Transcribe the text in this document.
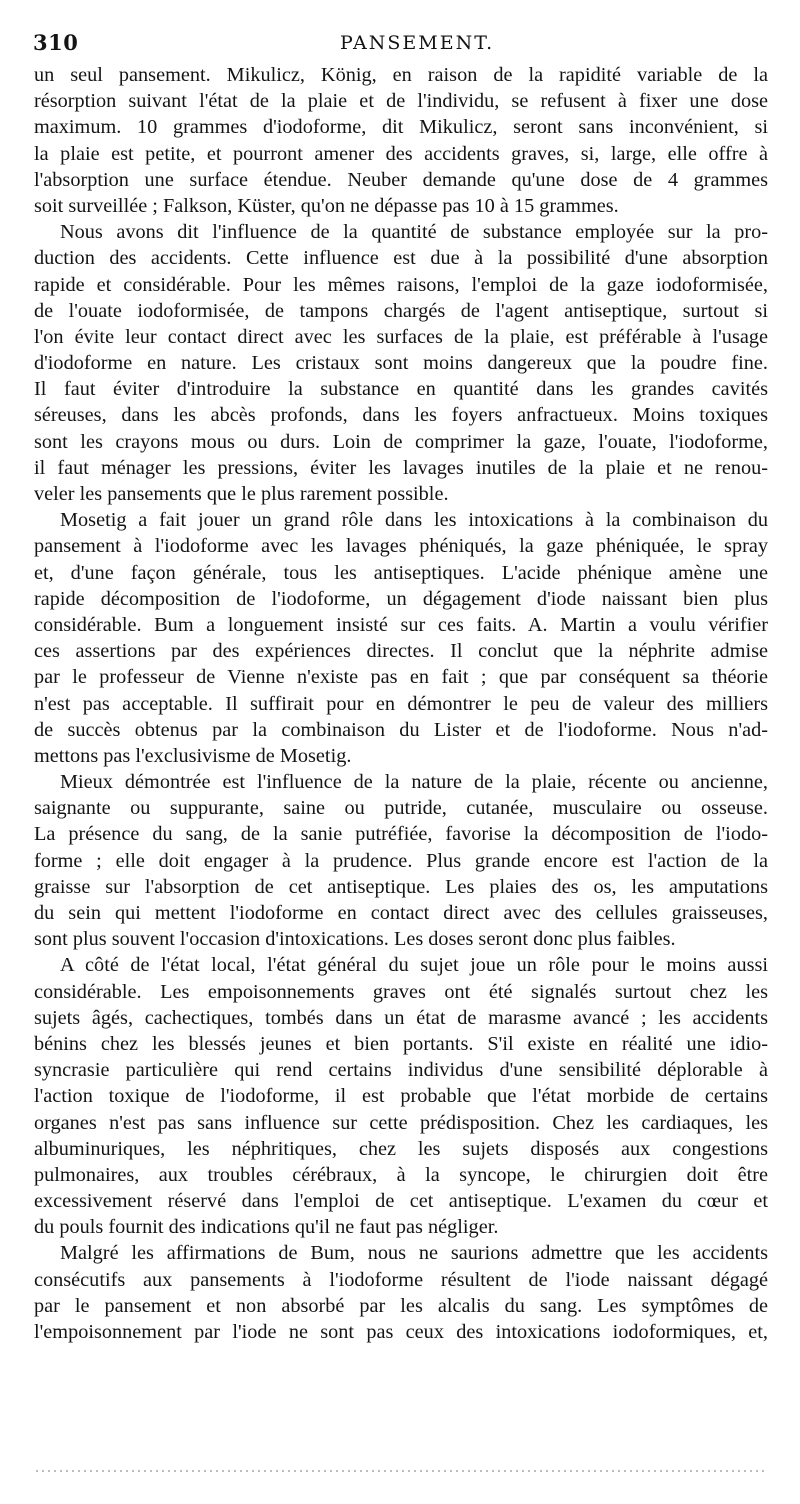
310	PANSEMENT.
un seul pansement. Mikulicz, König, en raison de la rapidité variable de la
résorption suivant l'état de la plaie et de l'individu, se refusent à fixer une dose
maximum. 10 grammes d'iodoforme, dit Mikulicz, seront sans inconvénient, si
la plaie est petite, et pourront amener des accidents graves, si, large, elle offre à
l'absorption une surface étendue. Neuber demande qu'une dose de 4 grammes
soit surveillée ; Falkson, Küster, qu'on ne dépasse pas 10 à 15 grammes.
Nous avons dit l'influence de la quantité de substance employée sur la pro-
duction des accidents. Cette influence est due à la possibilité d'une absorption
rapide et considérable. Pour les mêmes raisons, l'emploi de la gaze iodoformisée,
de l'ouate iodoformisée, de tampons chargés de l'agent antiseptique, surtout si
l'on évite leur contact direct avec les surfaces de la plaie, est préférable à l'usage
d'iodoforme en nature. Les cristaux sont moins dangereux que la poudre fine.
Il faut éviter d'introduire la substance en quantité dans les grandes cavités
séreuses, dans les abcès profonds, dans les foyers anfractueux. Moins toxiques
sont les crayons mous ou durs. Loin de comprimer la gaze, l'ouate, l'iodoforme,
il faut ménager les pressions, éviter les lavages inutiles de la plaie et ne renou-
veler les pansements que le plus rarement possible.
Mosetig a fait jouer un grand rôle dans les intoxications à la combinaison du
pansement à l'iodoforme avec les lavages phéniqués, la gaze phéniquée, le spray
et, d'une façon générale, tous les antiseptiques. L'acide phénique amène une
rapide décomposition de l'iodoforme, un dégagement d'iode naissant bien plus
considérable. Bum a longuement insisté sur ces faits. A. Martin a voulu vérifier
ces assertions par des expériences directes. Il conclut que la néphrite admise
par le professeur de Vienne n'existe pas en fait ; que par conséquent sa théorie
n'est pas acceptable. Il suffirait pour en démontrer le peu de valeur des milliers
de succès obtenus par la combinaison du Lister et de l'iodoforme. Nous n'ad-
mettons pas l'exclusivisme de Mosetig.
Mieux démontrée est l'influence de la nature de la plaie, récente ou ancienne,
saignante ou suppurante, saine ou putride, cutanée, musculaire ou osseuse.
La présence du sang, de la sanie putréfiée, favorise la décomposition de l'iodo-
forme ; elle doit engager à la prudence. Plus grande encore est l'action de la
graisse sur l'absorption de cet antiseptique. Les plaies des os, les amputations
du sein qui mettent l'iodoforme en contact direct avec des cellules graisseuses,
sont plus souvent l'occasion d'intoxications. Les doses seront donc plus faibles.
A côté de l'état local, l'état général du sujet joue un rôle pour le moins aussi
considérable. Les empoisonnements graves ont été signalés surtout chez les
sujets âgés, cachectiques, tombés dans un état de marasme avancé ; les accidents
bénins chez les blessés jeunes et bien portants. S'il existe en réalité une idio-
syncrasie particulière qui rend certains individus d'une sensibilité déplorable à
l'action toxique de l'iodoforme, il est probable que l'état morbide de certains
organes n'est pas sans influence sur cette prédisposition. Chez les cardiaques, les
albuminuriques, les néphritiques, chez les sujets disposés aux congestions
pulmonaires, aux troubles cérébraux, à la syncope, le chirurgien doit être
excessivement réservé dans l'emploi de cet antiseptique. L'examen du cœur et
du pouls fournit des indications qu'il ne faut pas négliger.
Malgré les affirmations de Bum, nous ne saurions admettre que les accidents
consécutifs aux pansements à l'iodoforme résultent de l'iode naissant dégagé
par le pansement et non absorbé par les alcalis du sang. Les symptômes de
l'empoisonnement par l'iode ne sont pas ceux des intoxications iodoformiques, et,
